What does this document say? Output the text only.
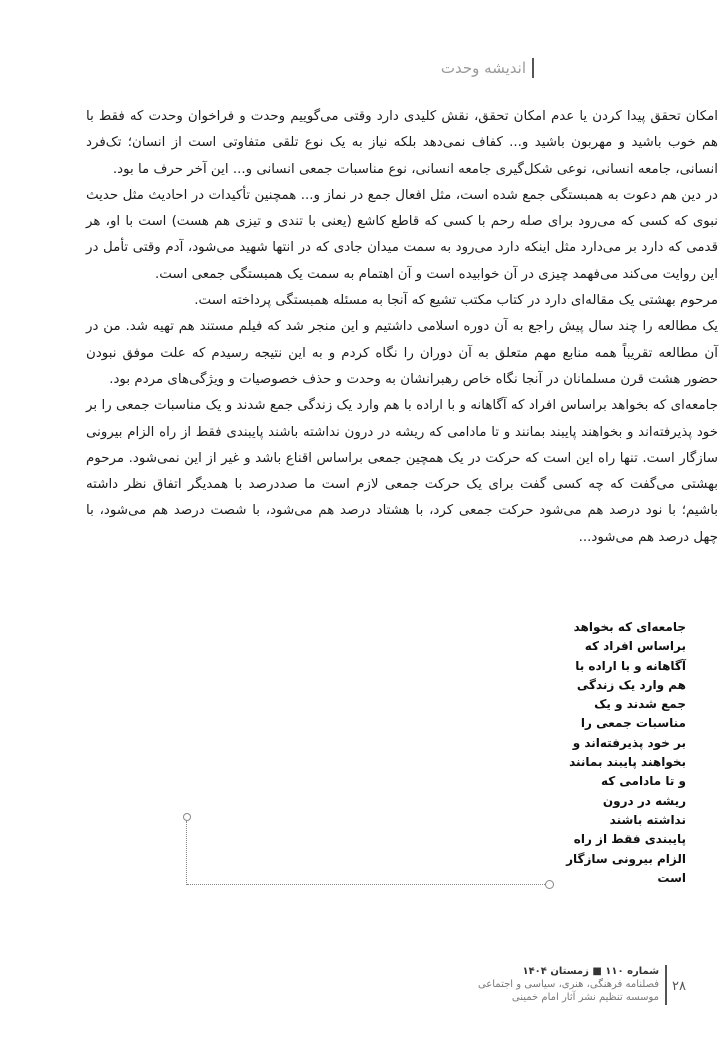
اندیشه وحدت

امکان تحقق پیدا کردن یا عدم امکان تحقق، نقش کلیدی دارد وقتی می‌گوییم وحدت و فراخوان وحدت که فقط با هم خوب باشید و مهربون باشید و... کفاف نمی‌دهد بلکه نیاز به یک نوع تلقی متفاوتی است از انسان؛ تک‌فرد انسانی، جامعه انسانی، نوعی شکل‌گیری جامعه انسانی، نوع مناسبات جمعی انسانی و... این آخر حرف ما بود.

در دین هم دعوت به همبستگی جمع شده است، مثل افعال جمع در نماز و... همچنین تأکیدات در احادیث مثل حدیث نبوی که کسی که می‌رود برای صله رحم با کسی که قاطع کاشع (یعنی با تندی و تیزی هم هست) است با او، هر قدمی که دارد بر می‌دارد مثل اینکه دارد می‌رود به سمت میدان جادی که در انتها شهید می‌شود، آدم وقتی تأمل در این روایت می‌کند می‌فهمد چیزی در آن خوابیده است و آن اهتمام به سمت یک همبستگی جمعی است.

مرحوم بهشتی یک مقاله‌ای دارد در کتاب مکتب تشیع که آنجا به مسئله همبستگی پرداخته است.

یک مطالعه را چند سال پیش راجع به آن دوره اسلامی داشتیم و این منجر شد که فیلم مستند هم تهیه شد. من در آن مطالعه تقریباً همه منابع مهم متعلق به آن دوران را نگاه کردم و به این نتیجه رسیدم که علت موفق نبودن حضور هشت قرن مسلمانان در آنجا نگاه خاص رهبرانشان به وحدت و حذف خصوصیات و ویژگی‌های مردم بود.

جامعه‌ای که بخواهد براساس افراد که آگاهانه و با اراده با هم وارد یک زندگی جمع شدند و یک مناسبات جمعی را بر خود پذیرفته‌اند و بخواهند پایبند بمانند و تا مادامی که ریشه در درون نداشته باشند پایبندی فقط از راه الزام بیرونی سازگار است. تنها راه این است که حرکت در یک همچین جمعی براساس اقناع باشد و غیر از این نمی‌شود. مرحوم بهشتی می‌گفت که چه کسی گفت برای یک حرکت جمعی لازم است ما صددرصد با همدیگر اتفاق نظر داشته باشیم؛ با نود درصد هم می‌شود حرکت جمعی کرد، با هشتاد درصد هم می‌شود، با شصت درصد هم می‌شود، با چهل درصد هم می‌شود...

جامعه‌ای که بخواهد براساس افراد که آگاهانه و با اراده با هم وارد یک زندگی جمع شدند و یک مناسبات جمعی را بر خود پذیرفته‌اند و بخواهند پایبند بمانند و تا مادامی که ریشه در درون نداشته باشند پایبندی فقط از راه الزام بیرونی سازگار است
۲۸
شماره ۱۱۰ ■ زمستان ۱۴۰۴
فصلنامه فرهنگی، هنری، سیاسی و اجتماعی
موسسه تنظیم نشر آثار امام خمینی
